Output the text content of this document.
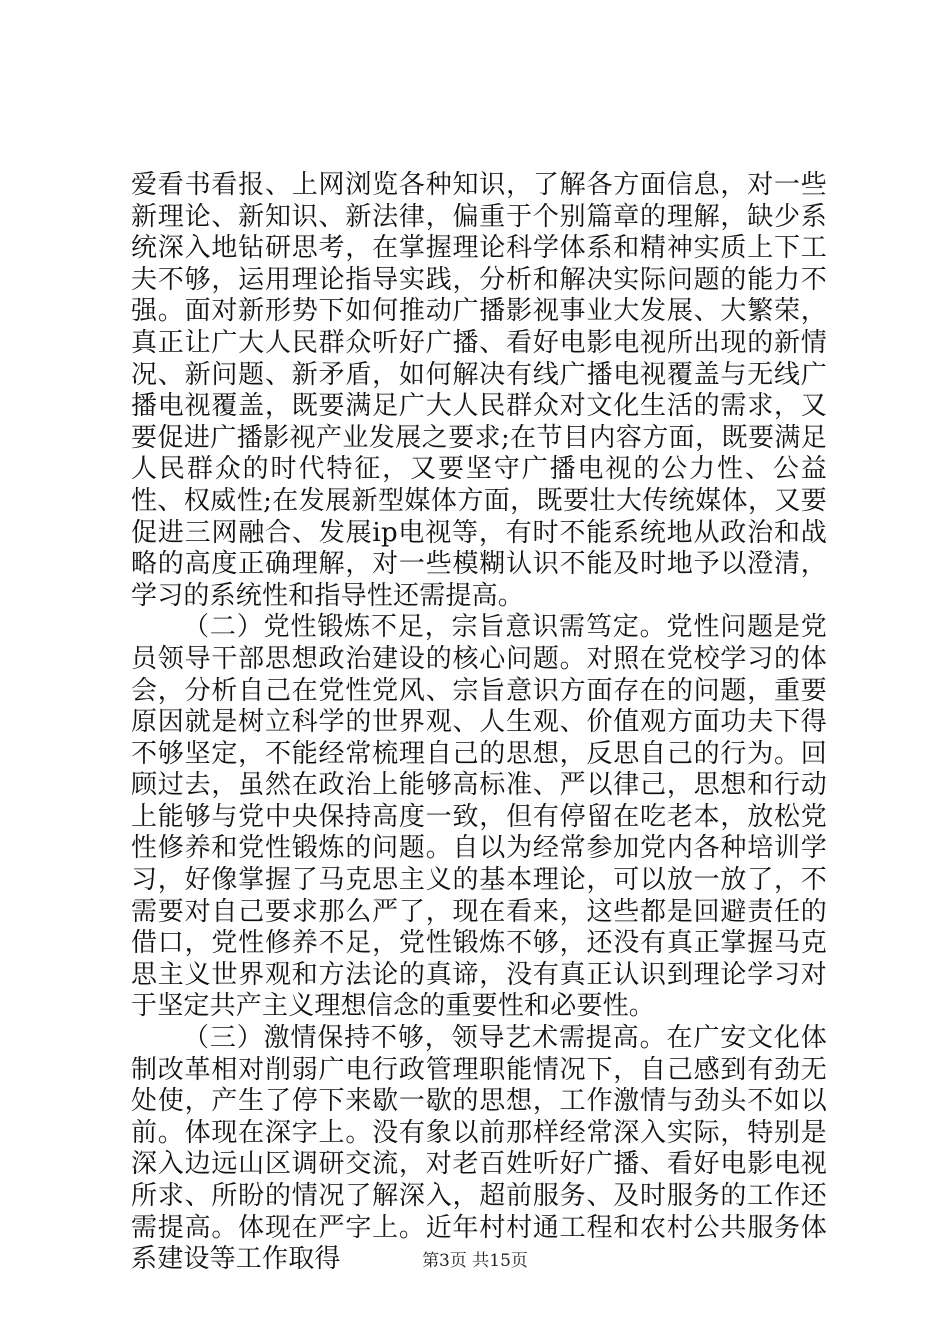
爱看书看报、上网浏览各种知识，了解各方面信息，对一些新理论、新知识、新法律，偏重于个别篇章的理解，缺少系统深入地钻研思考，在掌握理论科学体系和精神实质上下工夫不够，运用理论指导实践，分析和解决实际问题的能力不强。面对新形势下如何推动广播影视事业大发展、大繁荣，真正让广大人民群众听好广播、看好电影电视所出现的新情况、新问题、新矛盾，如何解决有线广播电视覆盖与无线广播电视覆盖，既要满足广大人民群众对文化生活的需求，又要促进广播影视产业发展之要求;在节目内容方面，既要满足人民群众的时代特征，又要坚守广播电视的公力性、公益性、权威性;在发展新型媒体方面，既要壮大传统媒体，又要促进三网融合、发展ip电视等，有时不能系统地从政治和战略的高度正确理解，对一些模糊认识不能及时地予以澄清，学习的系统性和指导性还需提高。

（二）党性锻炼不足，宗旨意识需笃定。党性问题是党员领导干部思想政治建设的核心问题。对照在党校学习的体会，分析自己在党性党风、宗旨意识方面存在的问题，重要原因就是树立科学的世界观、人生观、价值观方面功夫下得不够坚定，不能经常梳理自己的思想，反思自己的行为。回顾过去，虽然在政治上能够高标准、严以律己，思想和行动上能够与党中央保持高度一致，但有停留在吃老本，放松党性修养和党性锻炼的问题。自以为经常参加党内各种培训学习，好像掌握了马克思主义的基本理论，可以放一放了，不需要对自己要求那么严了，现在看来，这些都是回避责任的借口，党性修养不足，党性锻炼不够，还没有真正掌握马克思主义世界观和方法论的真谛，没有真正认识到理论学习对于坚定共产主义理想信念的重要性和必要性。

（三）激情保持不够，领导艺术需提高。在广安文化体制改革相对削弱广电行政管理职能情况下，自己感到有劲无处使，产生了停下来歇一歇的思想，工作激情与劲头不如以前。体现在深字上。没有象以前那样经常深入实际，特别是深入边远山区调研交流，对老百姓听好广播、看好电影电视所求、所盼的情况了解深入，超前服务、及时服务的工作还需提高。体现在严字上。近年村村通工程和农村公共服务体系建设等工作取得	第3页 共15页
